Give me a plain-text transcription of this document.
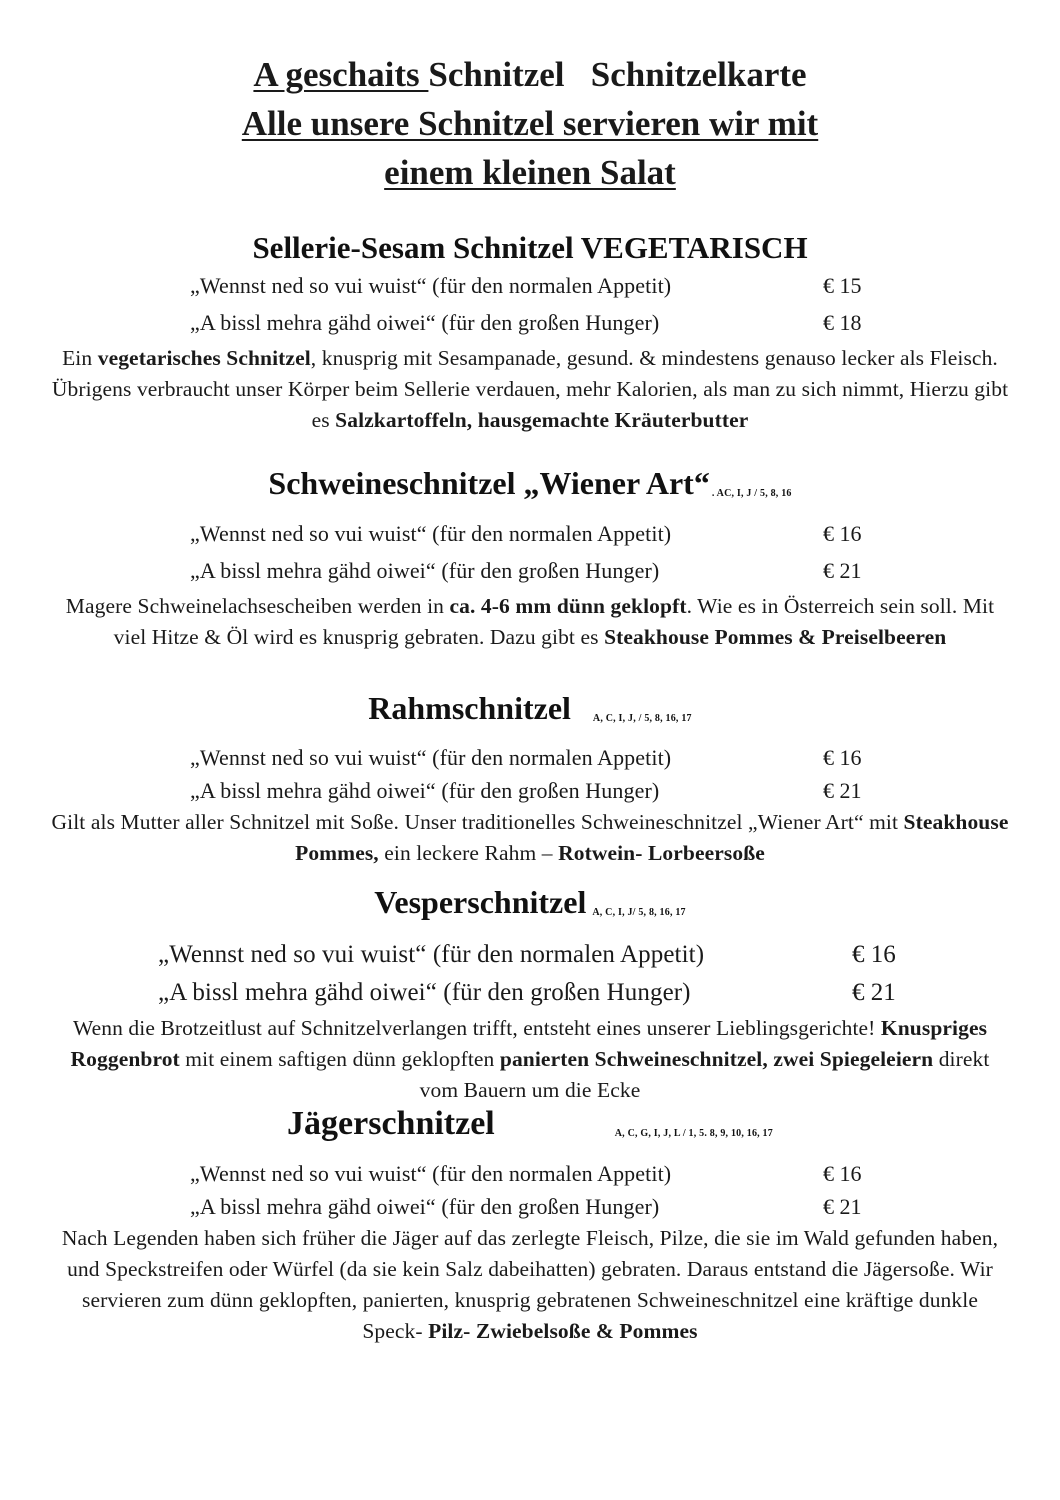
A geschaits Schnitzel   Schnitzelkarte
Alle unsere Schnitzel servieren wir mit
einem kleinen Salat
Sellerie-Sesam Schnitzel VEGETARISCH
„Wennst ned so vui wuist“ (für den normalen Appetit)	€ 15
„A bissl mehra gähd oiwei“ (für den großen Hunger)	€ 18
Ein vegetarisches Schnitzel, knusprig mit Sesampanade, gesund. & mindestens genauso lecker als Fleisch. Übrigens verbraucht unser Körper beim Sellerie verdauen, mehr Kalorien, als man zu sich nimmt, Hierzu gibt es Salzkartoffeln, hausgemachte Kräuterbutter
Schweineschnitzel „Wiener Art“ . AC, I, J / 5, 8, 16
„Wennst ned so vui wuist“ (für den normalen Appetit)	€ 16
„A bissl mehra gähd oiwei“ (für den großen Hunger)	€ 21
Magere Schweinelachsescheiben werden in ca. 4-6 mm dünn geklopft. Wie es in Österreich sein soll. Mit viel Hitze & Öl wird es knusprig gebraten. Dazu gibt es Steakhouse Pommes & Preiselbeeren
Rahmschnitzel A, C, I, J, / 5, 8, 16, 17
„Wennst ned so vui wuist“ (für den normalen Appetit)	€ 16
„A bissl mehra gähd oiwei“ (für den großen Hunger)	€ 21
Gilt als Mutter aller Schnitzel mit Soße. Unser traditionelles Schweineschnitzel „Wiener Art“ mit Steakhouse Pommes, ein leckere Rahm – Rotwein- Lorbeersoße
Vesperschnitzel A, C, I, J/ 5, 8, 16, 17
„Wennst ned so vui wuist“ (für den normalen Appetit)	€ 16
„A bissl mehra gähd oiwei“ (für den großen Hunger)	€ 21
Wenn die Brotzeitlust auf Schnitzelverlangen trifft, entsteht eines unserer Lieblingsgerichte! Knuspriges Roggenbrot mit einem saftigen dünn geklopften panierten Schweineschnitzel, zwei Spiegeleiern direkt vom Bauern um die Ecke
Jägerschnitzel	A, C, G, I, J, L / 1, 5. 8, 9, 10, 16, 17
„Wennst ned so vui wuist“ (für den normalen Appetit)	€ 16
„A bissl mehra gähd oiwei“ (für den großen Hunger)	€ 21
Nach Legenden haben sich früher die Jäger auf das zerlegte Fleisch, Pilze, die sie im Wald gefunden haben, und Speckstreifen oder Würfel (da sie kein Salz dabeihatten) gebraten. Daraus entstand die Jägersoße. Wir servieren zum dünn geklopften, panierten, knusprig gebratenen Schweineschnitzel eine kräftige dunkle Speck- Pilz- Zwiebelsoße & Pommes
